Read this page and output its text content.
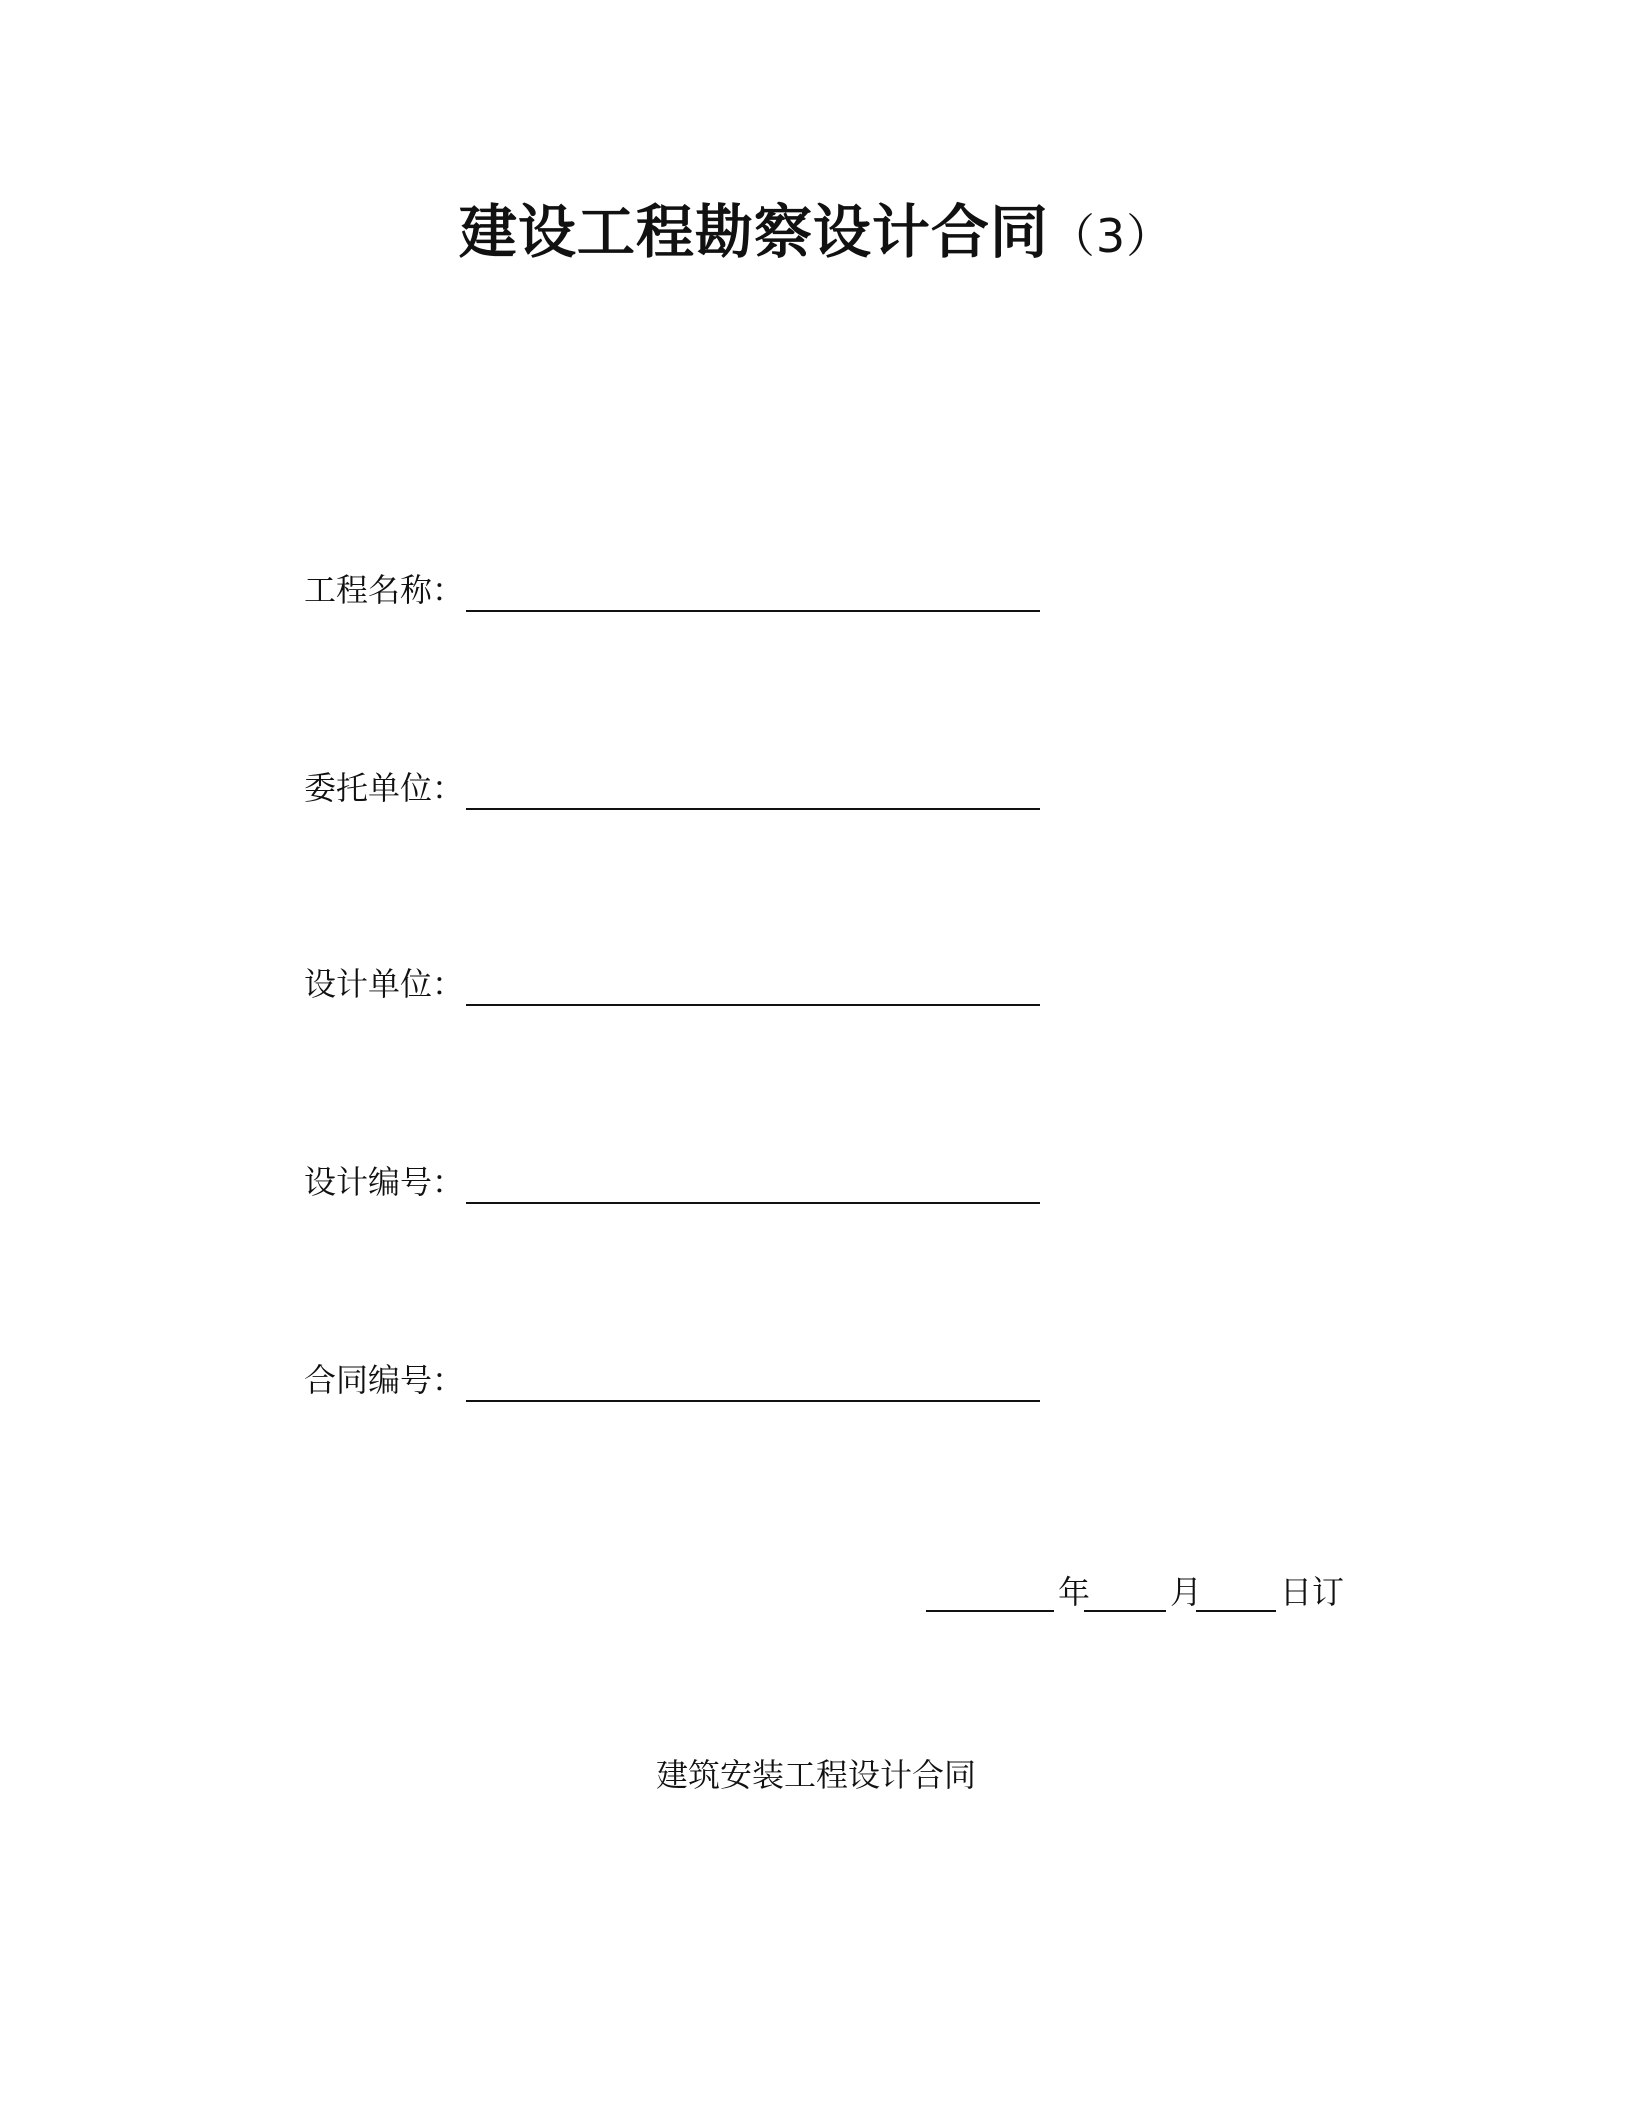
建设工程勘察设计合同（3）
工程名称：
委托单位：
设计单位：
设计编号：
合同编号：
年 月 日订
建筑安装工程设计合同
